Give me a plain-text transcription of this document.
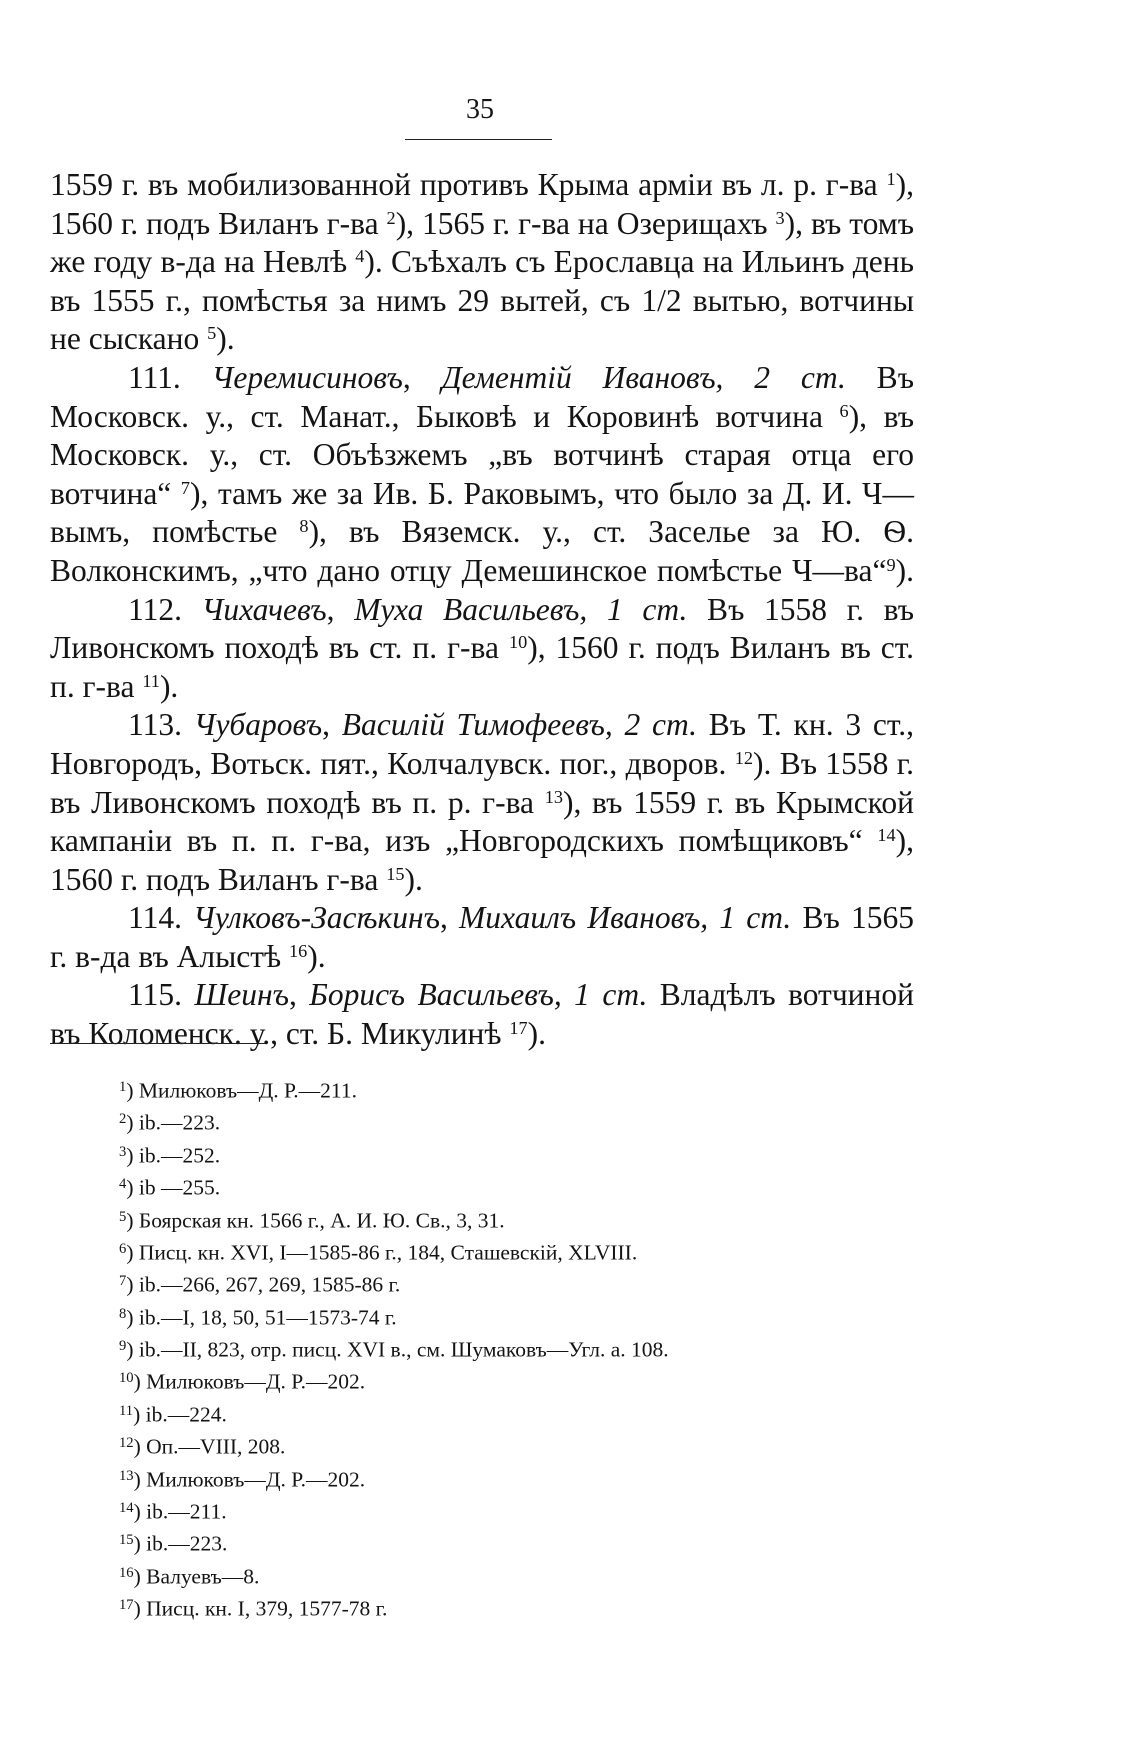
35

1559 г. въ мобилизованной противъ Крыма арміи въ л. р. г-ва $^1$), 1560 г. подъ Виланъ г-ва $^2$), 1565 г. г-ва на Озерищахъ $^3$), въ томъ же году в-да на Невлѣ $^4$). Съѣхалъ съ Ерославца на Ильинъ день въ 1555 г., помѣстья за нимъ 29 вытей, съ 1/2 вытью, вотчины не сыскано $^5$).

111. Черемисиновъ, Дементій Ивановъ, 2 ст. Въ Московск. у., ст. Манат., Быковѣ и Коровинѣ вотчина $^6$), въ Московск. у., ст. Объѣзжемъ „въ вотчинѣ старая отца его вотчина“ $^7$), тамъ же за Ив. Б. Раковымъ, что было за Д. И. Ч—вымъ, помѣстье $^8$), въ Вяземск. у., ст. Заселье за Ю. Ѳ. Волконскимъ, „что дано отцу Демешинское помѣстье Ч—ва“$^9$).

112. Чихачевъ, Муха Васильевъ, 1 ст. Въ 1558 г. въ Ливонскомъ походѣ въ ст. п. г-ва $^{10}$), 1560 г. подъ Виланъ въ ст. п. г-ва $^{11}$).

113. Чубаровъ, Василій Тимофеевъ, 2 ст. Въ Т. кн. 3 ст., Новгородъ, Вотьск. пят., Колчалувск. пог., дворов. $^{12}$). Въ 1558 г. въ Ливонскомъ походѣ въ п. р. г-ва $^{13}$), въ 1559 г. въ Крымской кампаніи въ п. п. г-ва, изъ „Новгородскихъ помѣщиковъ“ $^{14}$), 1560 г. подъ Виланъ г-ва $^{15}$).

114. Чулковъ-Засѣкинъ, Михаилъ Ивановъ, 1 ст. Въ 1565 г. в-да въ Алыстѣ $^{16}$).

115. Шеинъ, Борисъ Васильевъ, 1 ст. Владѣлъ вотчиной въ Коломенск. у., ст. Б. Микулинѣ $^{17}$).

$^1$) Милюковъ—Д. Р.—211.
$^2$) ib.—223.
$^3$) ib.—252.
$^4$) ib —255.
$^5$) Боярская кн. 1566 г., А. И. Ю. Св., 3, 31.
$^6$) Писц. кн. XVI, I—1585-86 г., 184, Сташевскій, XLVIII.
$^7$) ib.—266, 267, 269, 1585-86 г.
$^8$) ib.—I, 18, 50, 51—1573-74 г.
$^9$) ib.—II, 823, отр. писц. XVI в., см. Шумаковъ—Угл. а. 108.
$^{10}$) Милюковъ—Д. Р.—202.
$^{11}$) ib.—224.
$^{12}$) Оп.—VIII, 208.
$^{13}$) Милюковъ—Д. Р.—202.
$^{14}$) ib.—211.
$^{15}$) ib.—223.
$^{16}$) Валуевъ—8.
$^{17}$) Писц. кн. I, 379, 1577-78 г.
